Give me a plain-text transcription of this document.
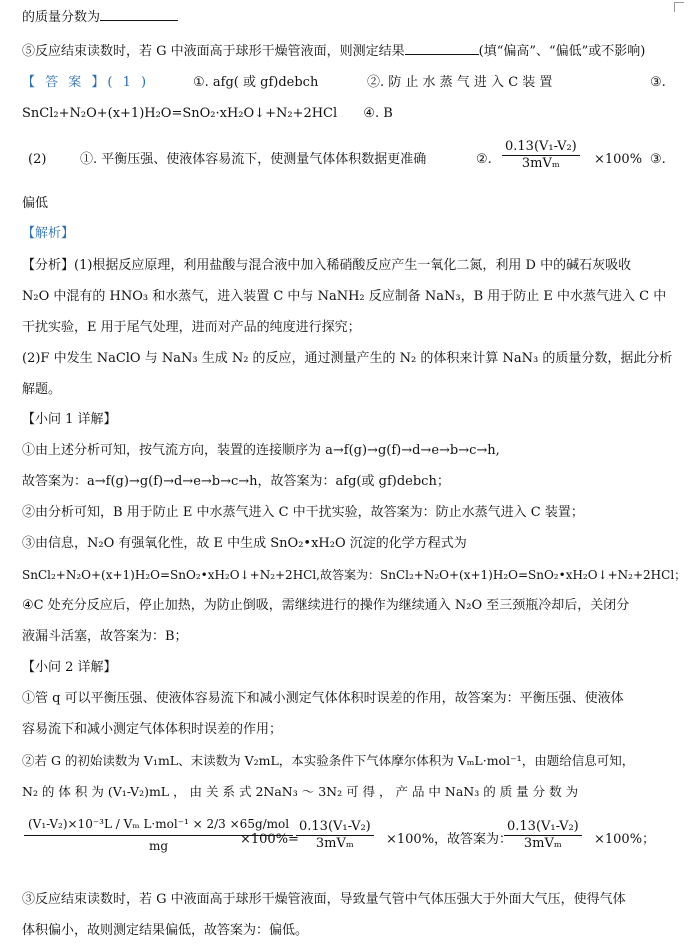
的质量分数为
⑤反应结束读数时，若 G 中液面高于球形干燥管液面，则测定结果	(填“偏高”、“偏低”或不影响)
【 答 案 】( 1 )	①. afg( 或 gf)debch	②. 防 止 水 蒸 气 进 入 C 装 置	③.
SnCl₂+N₂O+(x+1)H₂O=SnO₂·xH₂O↓+N₂+2HCl ④. B
(2)	①. 平衡压强、使液体容易流下，使测量气体体积数据更准确	②.
0.13(V₁-V₂)
3mVₘ	×100% ③.
偏低
【解析】
【分析】(1)根据反应原理，利用盐酸与混合液中加入稀硝酸反应产生一氧化二氮，利用 D 中的碱石灰吸收
N₂O 中混有的 HNO₃ 和水蒸气，进入装置 C 中与 NaNH₂ 反应制备 NaN₃，B 用于防止 E 中水蒸气进入 C 中
干扰实验，E 用于尾气处理，进而对产品的纯度进行探究；
(2)F 中发生 NaClO 与 NaN₃ 生成 N₂ 的反应，通过测量产生的 N₂ 的体积来计算 NaN₃ 的质量分数，据此分析
解题。
【小问 1 详解】
①由上述分析可知，按气流方向，装置的连接顺序为 a→f(g)→g(f)→d→e→b→c→h,
故答案为：a→f(g)→g(f)→d→e→b→c→h，故答案为：afg(或 gf)debch；
②由分析可知，B 用于防止 E 中水蒸气进入 C 中干扰实验，故答案为：防止水蒸气进入 C 装置；
③由信息，N₂O 有强氧化性，故 E 中生成 SnO₂•xH₂O 沉淀的化学方程式为
SnCl₂+N₂O+(x+1)H₂O=SnO₂•xH₂O↓+N₂+2HCl,故答案为：SnCl₂+N₂O+(x+1)H₂O=SnO₂•xH₂O↓+N₂+2HCl；
④C 处充分反应后，停止加热，为防止倒吸，需继续进行的操作为继续通入 N₂O 至三颈瓶冷却后，关闭分
液漏斗活塞，故答案为：B；
【小问 2 详解】
①管 q 可以平衡压强、使液体容易流下和减小测定气体体积时误差的作用，故答案为：平衡压强、使液体
容易流下和减小测定气体体积时误差的作用；
②若 G 的初始读数为 V₁mL、末读数为 V₂mL，本实验条件下气体摩尔体积为 VₘL·mol⁻¹，由题给信息可知，
N₂ 的 体 积 为 (V₁-V₂)mL ， 由 关 系 式 2NaN₃ ～ 3N₂ 可 得 ， 产 品 中 NaN₃ 的 质 量 分 数 为
(V₁-V₂)×10⁻³L / Vₘ L·mol⁻¹ × 2/3 ×65g/mol
mg	×100%=
0.13(V₁-V₂)
3mVₘ	×100%，故答案为：
0.13(V₁-V₂)
3mVₘ	×100%；
③反应结束读数时，若 G 中液面高于球形干燥管液面，导致量气管中气体压强大于外面大气压，使得气体
体积偏小，故则测定结果偏低，故答案为：偏低。
